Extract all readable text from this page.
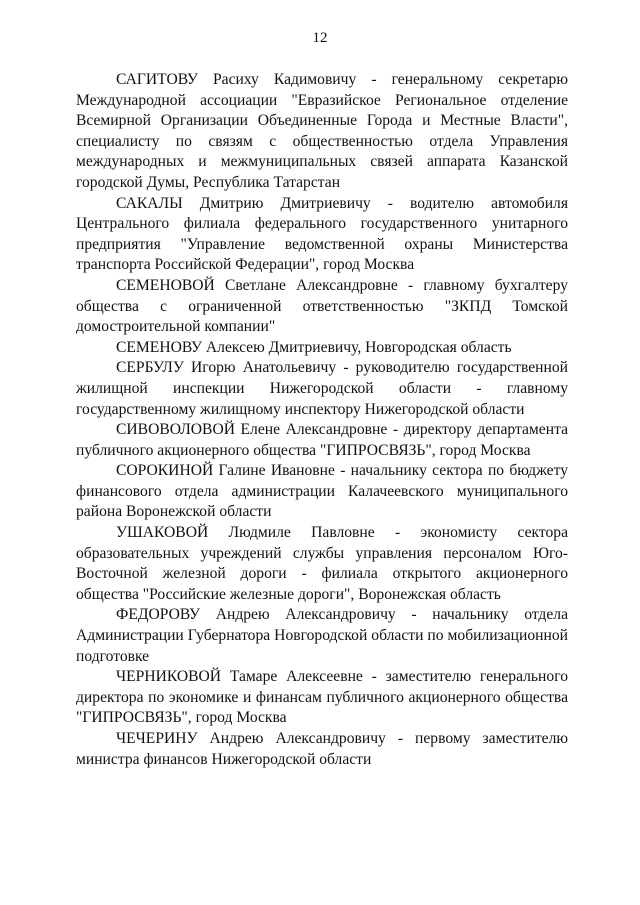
12

САГИТОВУ Расиху Кадимовичу - генеральному секретарю Международной ассоциации "Евразийское Региональное отделение Всемирной Организации Объединенные Города и Местные Власти", специалисту по связям с общественностью отдела Управления международных и межмуниципальных связей аппарата Казанской городской Думы, Республика Татарстан

САКАЛЫ Дмитрию Дмитриевичу - водителю автомобиля Центрального филиала федерального государственного унитарного предприятия "Управление ведомственной охраны Министерства транспорта Российской Федерации", город Москва

СЕМЕНОВОЙ Светлане Александровне - главному бухгалтеру общества с ограниченной ответственностью "ЗКПД Томской домостроительной компании"

СЕМЕНОВУ Алексею Дмитриевичу, Новгородская область

СЕРБУЛУ Игорю Анатольевичу - руководителю государственной жилищной инспекции Нижегородской области - главному государственному жилищному инспектору Нижегородской области

СИВОВОЛОВОЙ Елене Александровне - директору департамента публичного акционерного общества "ГИПРОСВЯЗЬ", город Москва

СОРОКИНОЙ Галине Ивановне - начальнику сектора по бюджету финансового отдела администрации Калачеевского муниципального района Воронежской области

УШАКОВОЙ Людмиле Павловне - экономисту сектора образовательных учреждений службы управления персоналом Юго-Восточной железной дороги - филиала открытого акционерного общества "Российские железные дороги", Воронежская область

ФЕДОРОВУ Андрею Александровичу - начальнику отдела Администрации Губернатора Новгородской области по мобилизационной подготовке

ЧЕРНИКОВОЙ Тамаре Алексеевне - заместителю генерального директора по экономике и финансам публичного акционерного общества "ГИПРОСВЯЗЬ", город Москва

ЧЕЧЕРИНУ Андрею Александровичу - первому заместителю министра финансов Нижегородской области
